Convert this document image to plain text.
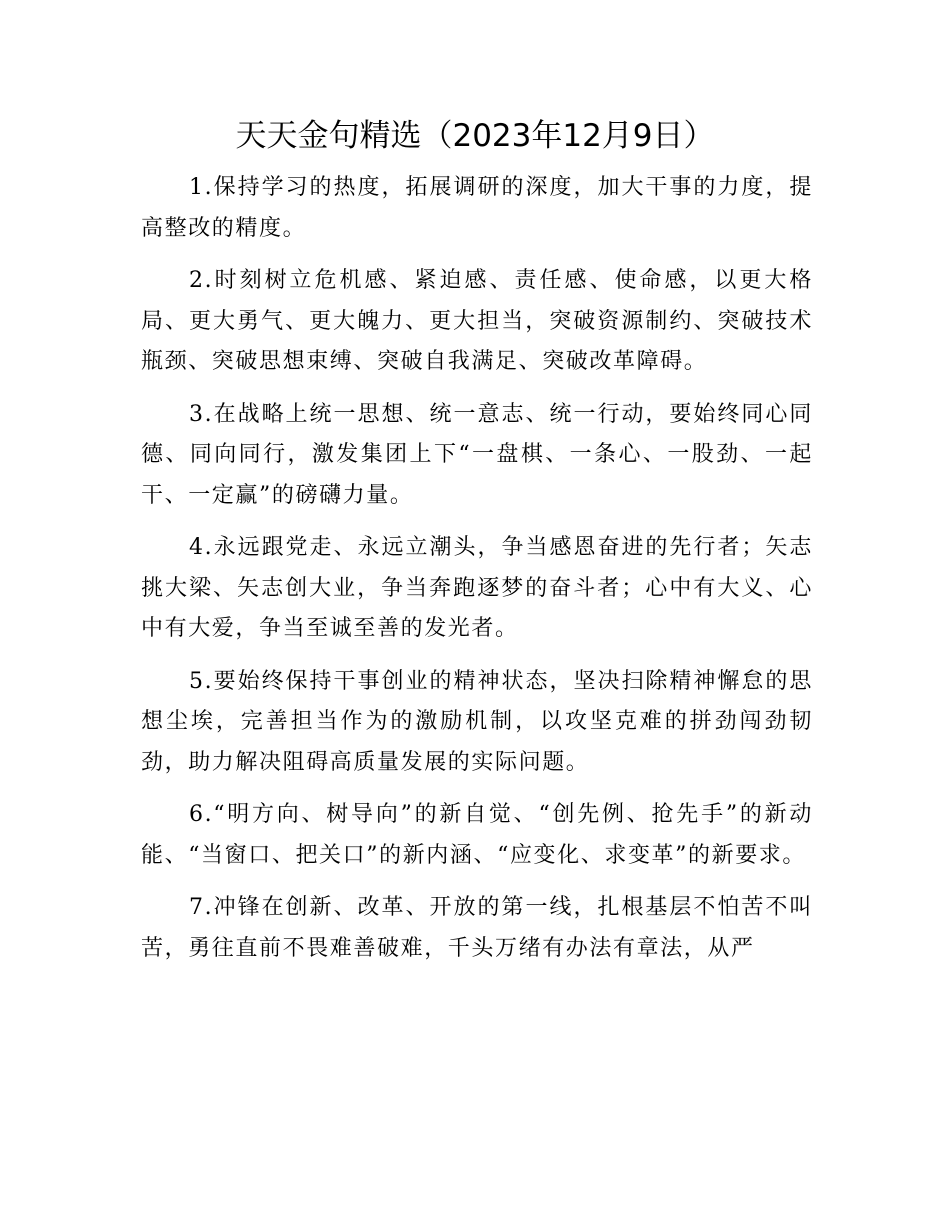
天天金句精选（2023年12月9日）

1.保持学习的热度，拓展调研的深度，加大干事的力度，提高整改的精度。

2.时刻树立危机感、紧迫感、责任感、使命感，以更大格局、更大勇气、更大魄力、更大担当，突破资源制约、突破技术瓶颈、突破思想束缚、突破自我满足、突破改革障碍。

3.在战略上统一思想、统一意志、统一行动，要始终同心同德、同向同行，激发集团上下“一盘棋、一条心、一股劲、一起干、一定赢”的磅礴力量。

4.永远跟党走、永远立潮头，争当感恩奋进的先行者；矢志挑大梁、矢志创大业，争当奔跑逐梦的奋斗者；心中有大义、心中有大爱，争当至诚至善的发光者。

5.要始终保持干事创业的精神状态，坚决扫除精神懈怠的思想尘埃，完善担当作为的激励机制，以攻坚克难的拼劲闯劲韧劲，助力解决阻碍高质量发展的实际问题。

6.“明方向、树导向”的新自觉、“创先例、抢先手”的新动能、“当窗口、把关口”的新内涵、“应变化、求变革”的新要求。

7.冲锋在创新、改革、开放的第一线，扎根基层不怕苦不叫苦，勇往直前不畏难善破难，千头万绪有办法有章法，从严
